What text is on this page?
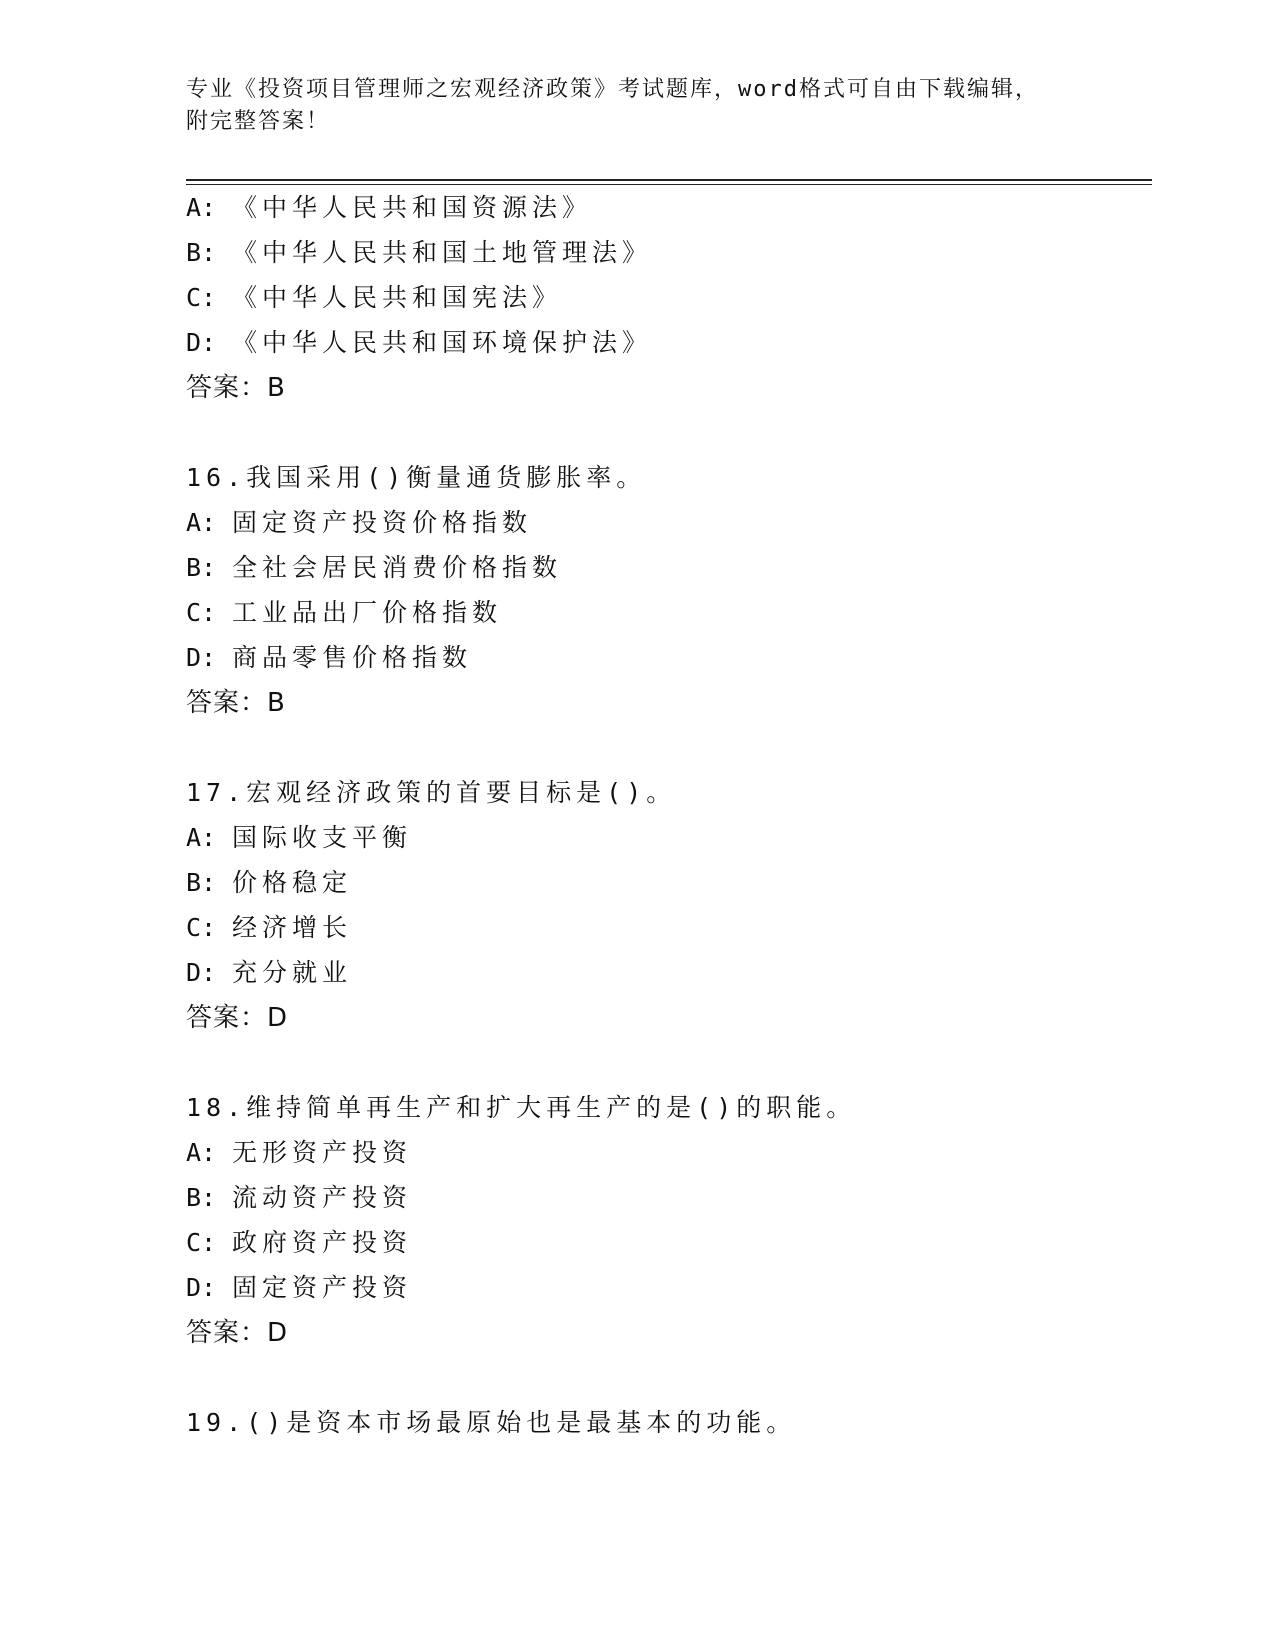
专业《投资项目管理师之宏观经济政策》考试题库，word格式可自由下载编辑，
附完整答案！
A: 《中华人民共和国资源法》
B: 《中华人民共和国土地管理法》
C: 《中华人民共和国宪法》
D: 《中华人民共和国环境保护法》
答案：B
16.我国采用()衡量通货膨胀率。
A: 固定资产投资价格指数
B: 全社会居民消费价格指数
C: 工业品出厂价格指数
D: 商品零售价格指数
答案：B
17.宏观经济政策的首要目标是()。
A: 国际收支平衡
B: 价格稳定
C: 经济增长
D: 充分就业
答案：D
18.维持简单再生产和扩大再生产的是()的职能。
A: 无形资产投资
B: 流动资产投资
C: 政府资产投资
D: 固定资产投资
答案：D
19.()是资本市场最原始也是最基本的功能。
